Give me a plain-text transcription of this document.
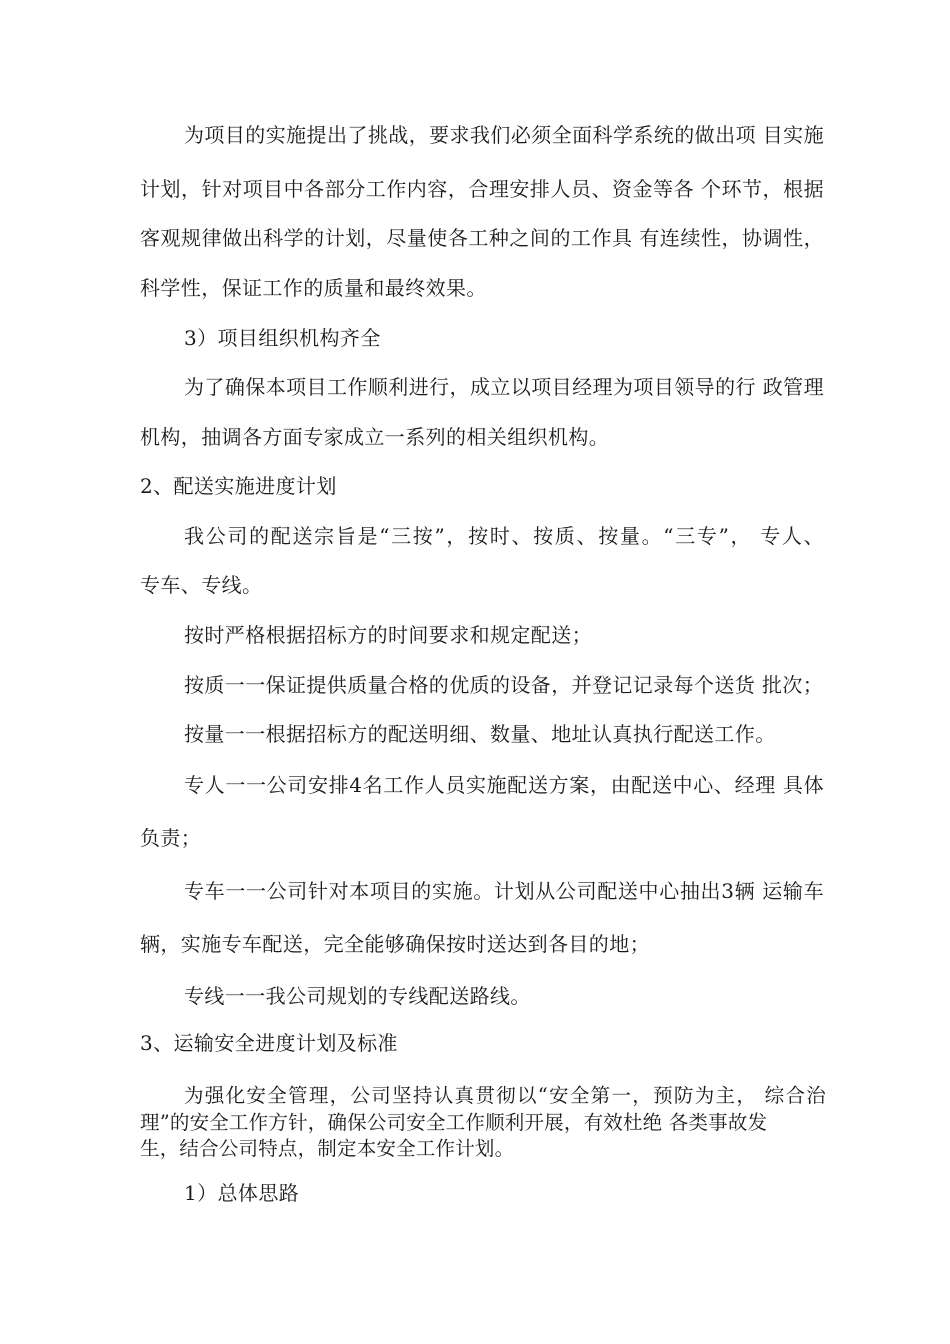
为项目的实施提出了挑战，要求我们必须全面科学系统的做出项 目实施
计划，针对项目中各部分工作内容，合理安排人员、资金等各 个环节，根据
客观规律做出科学的计划，尽量使各工种之间的工作具 有连续性，协调性，
科学性，保证工作的质量和最终效果。
3）项目组织机构齐全
为了确保本项目工作顺利进行，成立以项目经理为项目领导的行 政管理
机构，抽调各方面专家成立一系列的相关组织机构。
2、配送实施进度计划
我公司的配送宗旨是“三按”，按时、按质、按量。“三专”， 专人、
专车、专线。
按时严格根据招标方的时间要求和规定配送；
按质一一保证提供质量合格的优质的设备，并登记记录每个送货 批次；
按量一一根据招标方的配送明细、数量、地址认真执行配送工作。
专人一一公司安排4名工作人员实施配送方案，由配送中心、经理 具体
负责；
专车一一公司针对本项目的实施。计划从公司配送中心抽出3辆 运输车
辆，实施专车配送，完全能够确保按时送达到各目的地；
专线一一我公司规划的专线配送路线。
3、运输安全进度计划及标准
为强化安全管理，公司坚持认真贯彻以“安全第一，预防为主， 综合治
理”的安全工作方针，确保公司安全工作顺利开展，有效杜绝 各类事故发
生，结合公司特点，制定本安全工作计划。
1）总体思路
